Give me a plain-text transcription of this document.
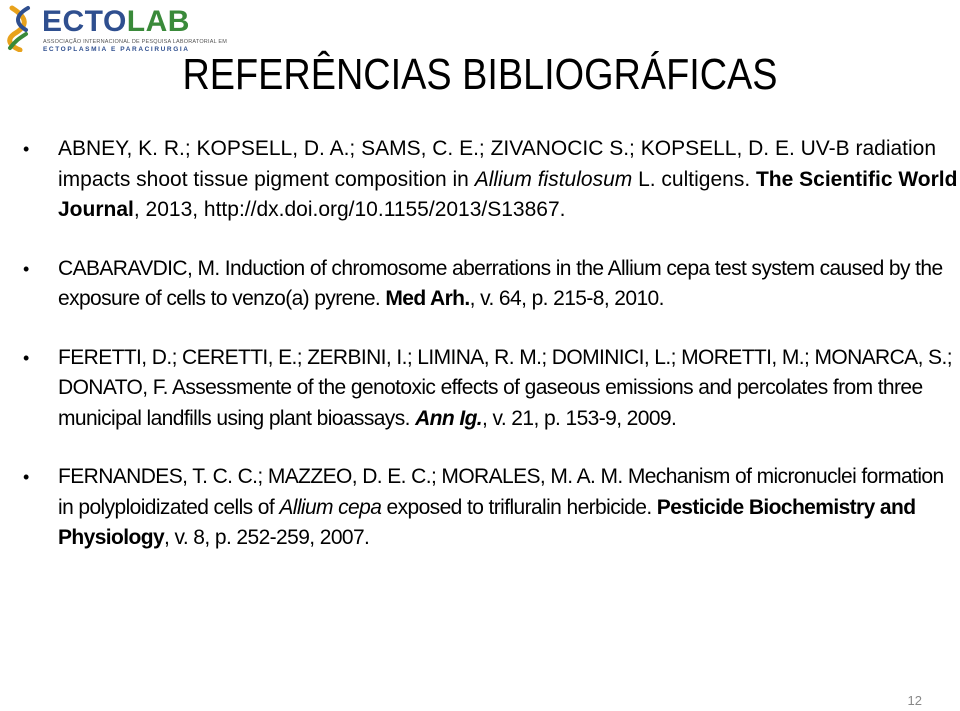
ECTOLAB
ASSOCIAÇÃO INTERNACIONAL DE PESQUISA LABORATORIAL EM
ECTOPLASMIA E PARACIRURGIA
REFERÊNCIAS BIBLIOGRÁFICAS
• ABNEY, K. R.; KOPSELL, D. A.; SAMS, C. E.; ZIVANOCIC S.; KOPSELL, D. E. UV-B radiation impacts shoot tissue pigment composition in Allium fistulosum L. cultigens. The Scientific World Journal, 2013, http://dx.doi.org/10.1155/2013/S13867.
• CABARAVDIC, M. Induction of chromosome aberrations in the Allium cepa test system caused by the exposure of cells to venzo(a) pyrene. Med Arh., v. 64, p. 215-8, 2010.
• FERETTI, D.; CERETTI, E.; ZERBINI, I.; LIMINA, R. M.; DOMINICI, L.; MORETTI, M.; MONARCA, S.; DONATO, F. Assessmente of the genotoxic effects of gaseous emissions and percolates from three municipal landfills using plant bioassays. Ann Ig., v. 21, p. 153-9, 2009.
• FERNANDES, T. C. C.; MAZZEO, D. E. C.; MORALES, M. A. M. Mechanism of micronuclei formation in polyploidizated cells of Allium cepa exposed to trifluralin herbicide. Pesticide Biochemistry and Physiology, v. 8, p. 252-259, 2007.
12
